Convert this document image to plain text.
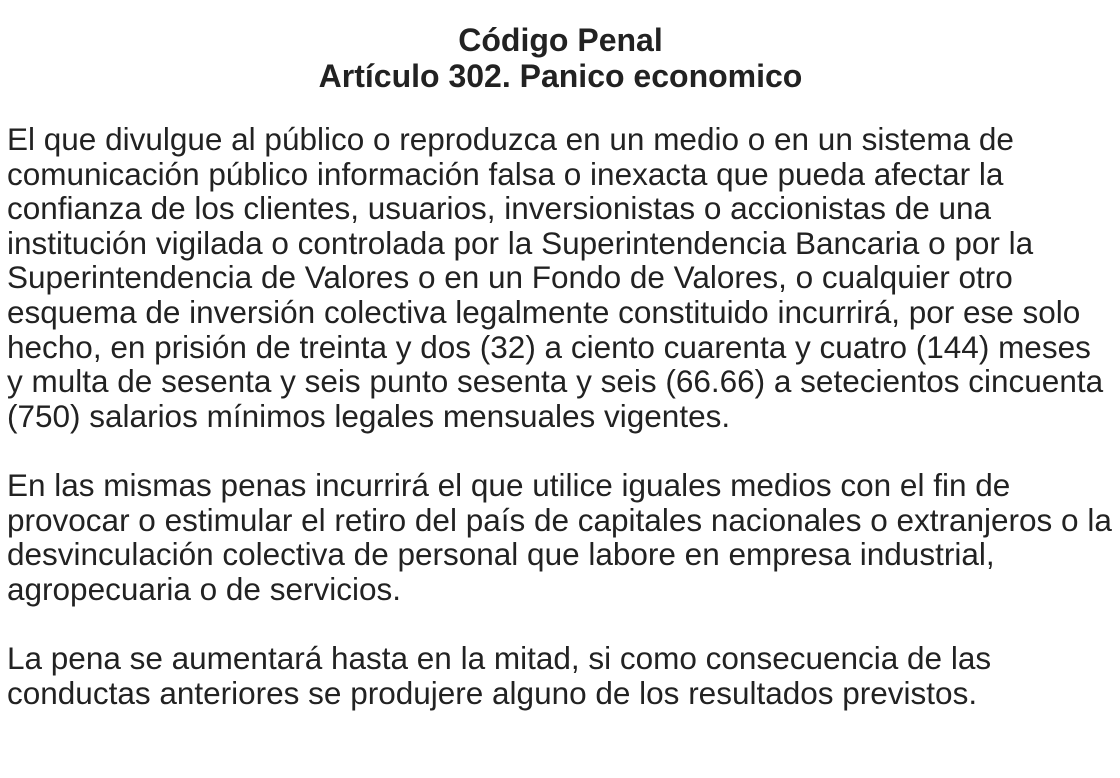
Código Penal
Artículo 302. Panico economico

El que divulgue al público o reproduzca en un medio o en un sistema de comunicación público información falsa o inexacta que pueda afectar la confianza de los clientes, usuarios, inversionistas o accionistas de una institución vigilada o controlada por la Superintendencia Bancaria o por la Superintendencia de Valores o en un Fondo de Valores, o cualquier otro esquema de inversión colectiva legalmente constituido incurrirá, por ese solo hecho, en prisión de treinta y dos (32) a ciento cuarenta y cuatro (144) meses y multa de sesenta y seis punto sesenta y seis (66.66) a setecientos cincuenta (750) salarios mínimos legales mensuales vigentes.

En las mismas penas incurrirá el que utilice iguales medios con el fin de provocar o estimular el retiro del país de capitales nacionales o extranjeros o la desvinculación colectiva de personal que labore en empresa industrial, agropecuaria o de servicios.

La pena se aumentará hasta en la mitad, si como consecuencia de las conductas anteriores se produjere alguno de los resultados previstos.
